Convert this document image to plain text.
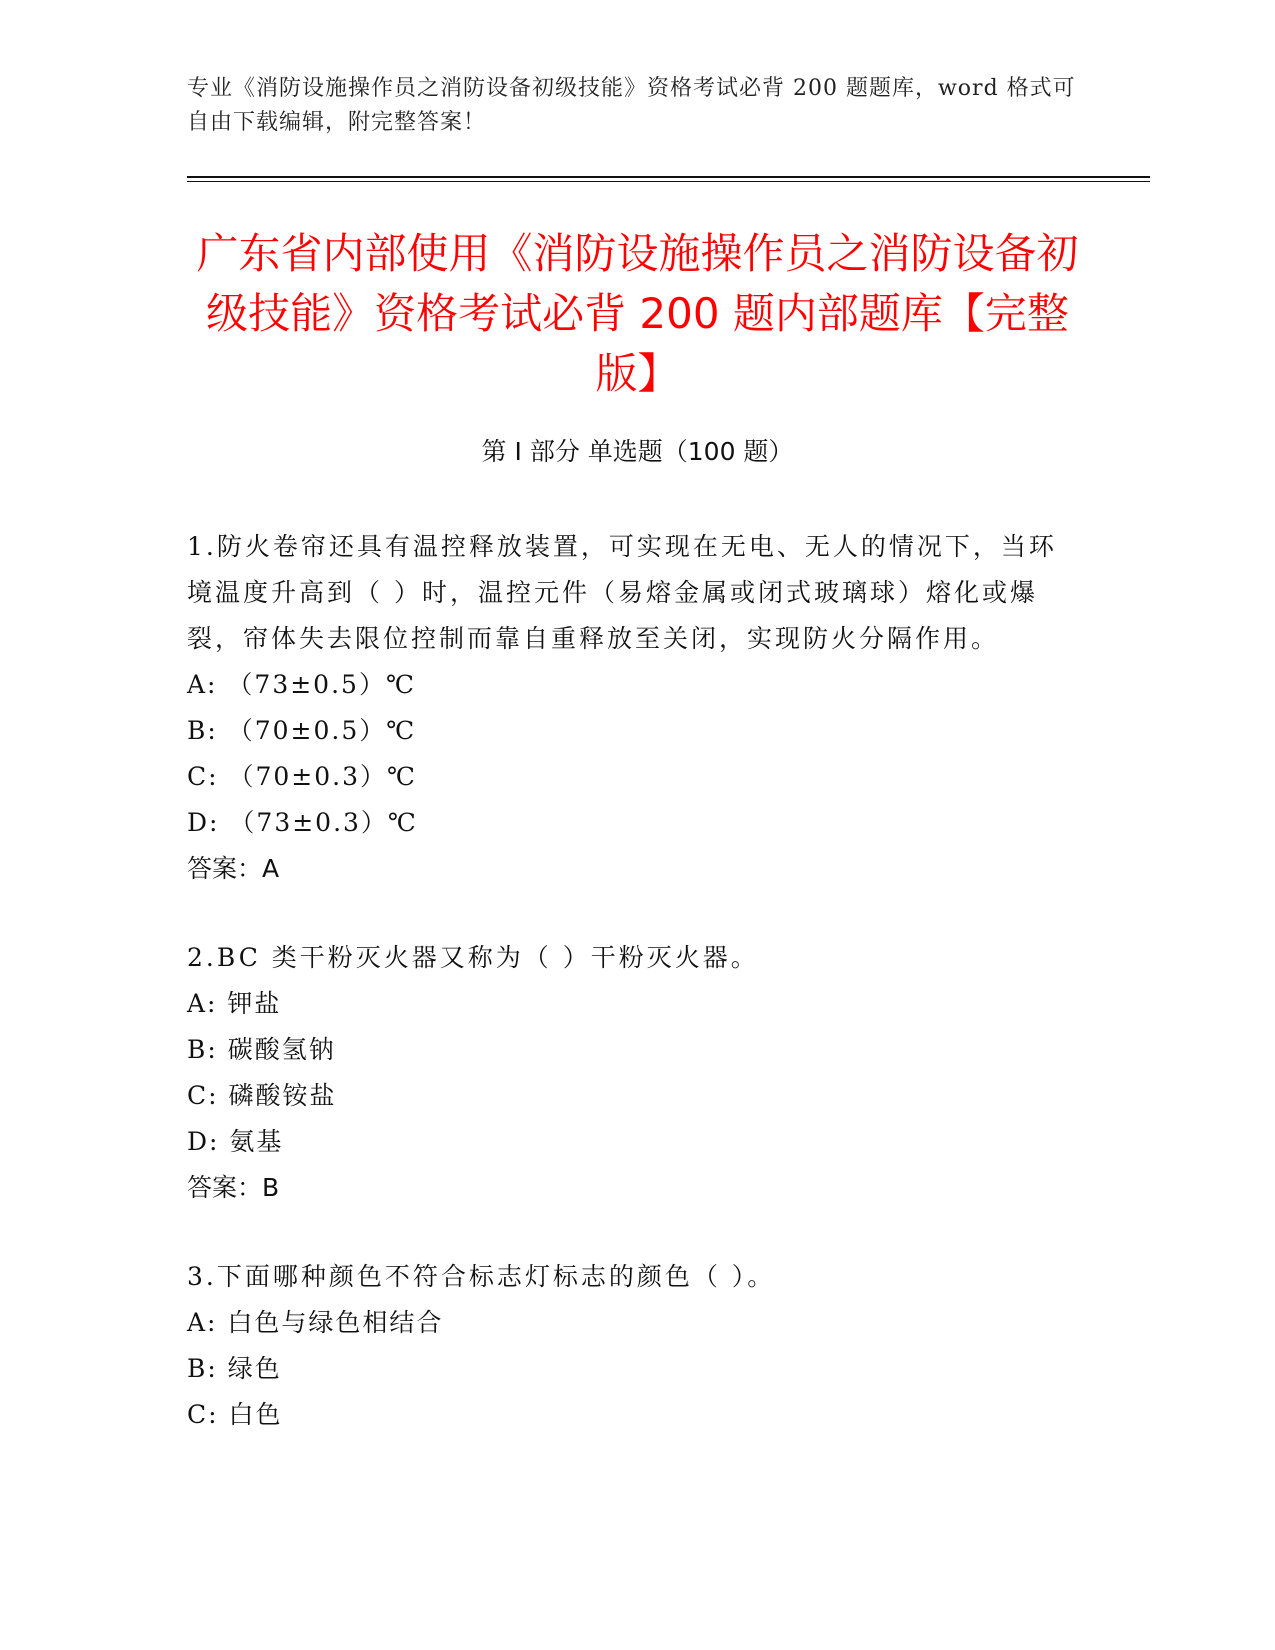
专业《消防设施操作员之消防设备初级技能》资格考试必背 200 题题库，word 格式可自由下载编辑，附完整答案！
广东省内部使用《消防设施操作员之消防设备初级技能》资格考试必背 200 题内部题库【完整版】
第 I 部分 单选题（100 题）

1.防火卷帘还具有温控释放装置，可实现在无电、无人的情况下，当环境温度升高到（ ）时，温控元件（易熔金属或闭式玻璃球）熔化或爆裂，帘体失去限位控制而靠自重释放至关闭，实现防火分隔作用。

A: （73±0.5）℃

B: （70±0.5）℃

C: （70±0.3）℃

D: （73±0.3）℃

答案：A

2.BC 类干粉灭火器又称为（ ）干粉灭火器。

A: 钾盐

B: 碳酸氢钠

C: 磷酸铵盐

D: 氨基

答案：B

3.下面哪种颜色不符合标志灯标志的颜色（ ）。

A: 白色与绿色相结合

B: 绿色

C: 白色
